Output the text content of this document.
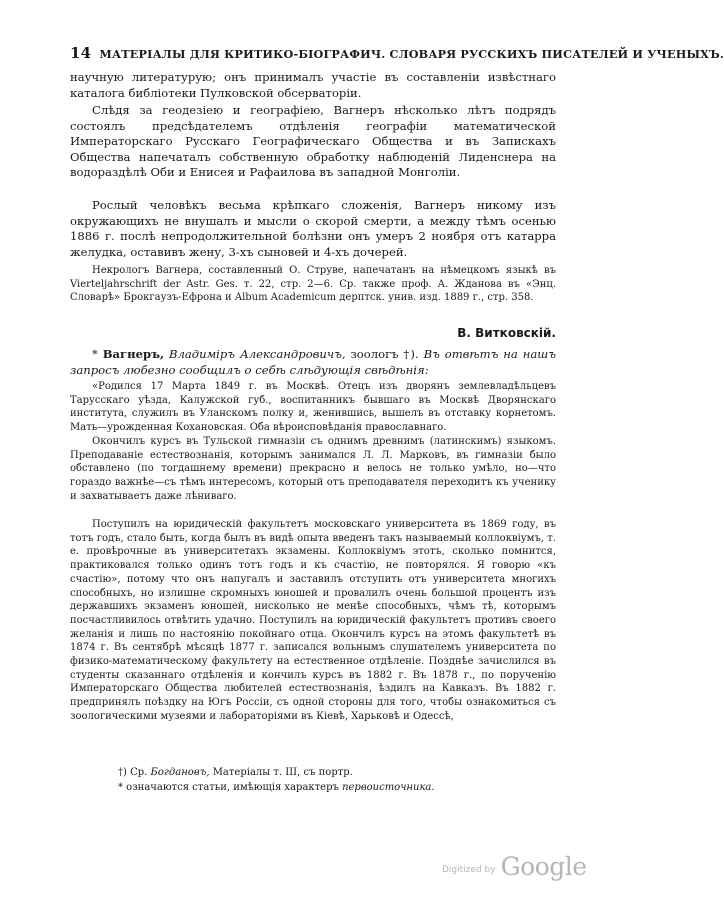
14 МАТЕРІАЛЫ ДЛЯ КРИТИКО-БІОГРАФИЧ. СЛОВАРЯ РУССКИХЪ ПИСАТЕЛЕЙ И УЧЕНЫХЪ.

научную литературую; онъ принималъ участіе въ составленіи извѣстнаго каталога библіотеки Пулковской обсерваторіи.

Слѣдя за геодезіею и географіею, Вагнеръ нѣсколько лѣтъ подрядъ состоялъ предсѣдателемъ отдѣленія географіи математической Императорскаго Русскаго Географическаго Общества и въ Запискахъ Общества напечаталъ собственную обработку наблюденій Лиденснера на водораздѣлѣ Оби и Енисея и Рафаилова въ западной Монголіи.

Рослый человѣкъ весьма крѣпкаго сложенія, Вагнеръ никому изъ окружающихъ не внушалъ и мысли о скорой смерти, а между тѣмъ осенью 1886 г. послѣ непродолжительной болѣзни онъ умеръ 2 ноября отъ катарра желудка, оставивъ жену, 3-хъ сыновей и 4-хъ дочерей.

Некрологъ Вагнера, составленный О. Струве, напечатанъ на нѣмецкомъ языкѣ въ Vierteljahrschrift der Astr. Ges. т. 22, стр. 2—6. Ср. также проф. А. Жданова въ «Энц. Словарѣ» Брокгаузъ-Ефрона и Album Academicum дерптск. унив. изд. 1889 г., стр. 358.

В. Витковскій.

* Вагнеръ, Владиміръ Александровичъ, зоологъ †). Въ отвѣтъ на нашъ запросъ любезно сообщилъ о себѣ слѣдующія свѣдѣнія:

«Родился 17 Марта 1849 г. въ Москвѣ. Отецъ изъ дворянъ землевладѣльцевъ Тарусскаго уѣзда, Калужской губ., воспитанникъ бывшаго въ Москвѣ Дворянскаго института, служилъ въ Уланскомъ полку и, женившись, вышелъ въ отставку корнетомъ. Мать—урожденная Кохановская. Оба вѣроисповѣданія православнаго.

Окончилъ курсъ въ Тульской гимназіи съ однимъ древнимъ (латинскимъ) языкомъ. Преподаваніе естествознанія, которымъ занимался Л. Л. Марковъ, въ гимназіи было обставлено (по тогдашнему времени) прекрасно и велось не только умѣло, но—что гораздо важнѣе—съ тѣмъ интересомъ, который отъ преподавателя переходитъ къ ученику и захватываетъ даже лѣниваго.

Поступилъ на юридическій факультетъ московскаго университета въ 1869 году, въ тотъ годъ, стало быть, когда былъ въ видѣ опыта введенъ такъ называемый коллоквіумъ, т. е. провѣрочные въ университетахъ экзамены. Коллоквіумъ этотъ, сколько помнится, практиковался только одинъ тотъ годъ и къ счастію, не повторялся. Я говорю «къ счастію», потому что онъ напугалъ и заставилъ отступить отъ университета многихъ способныхъ, но излишне скромныхъ юношей и провалилъ очень большой процентъ изъ державшихъ экзаменъ юношей, нисколько не менѣе способныхъ, чѣмъ тѣ, которымъ посчастливилось отвѣтить удачно. Поступилъ на юридическій факультетъ противъ своего желанія и лишь по настоянію покойнаго отца. Окончилъ курсъ на этомъ факультетѣ въ 1874 г. Въ сентябрѣ мѣсяцѣ 1877 г. записался вольнымъ слушателемъ университета по физико-математическому факультету на естественное отдѣленіе. Позднѣе зачислился въ студенты сказаннаго отдѣленія и кончилъ курсъ въ 1882 г. Въ 1878 г., по порученію Императорскаго Общества любителей естествознанія, ѣздилъ на Кавказъ. Въ 1882 г. предпринялъ поѣздку на Югъ Россіи, съ одной стороны для того, чтобы ознакомиться съ зоологическими музеями и лабораторіями въ Кіевѣ, Харьковѣ и Одессѣ,

†) Ср. Богдановъ, Матеріалы т. III, съ портр.
* означаются статьи, имѣющія характеръ первоисточника.
Digitized by Google
